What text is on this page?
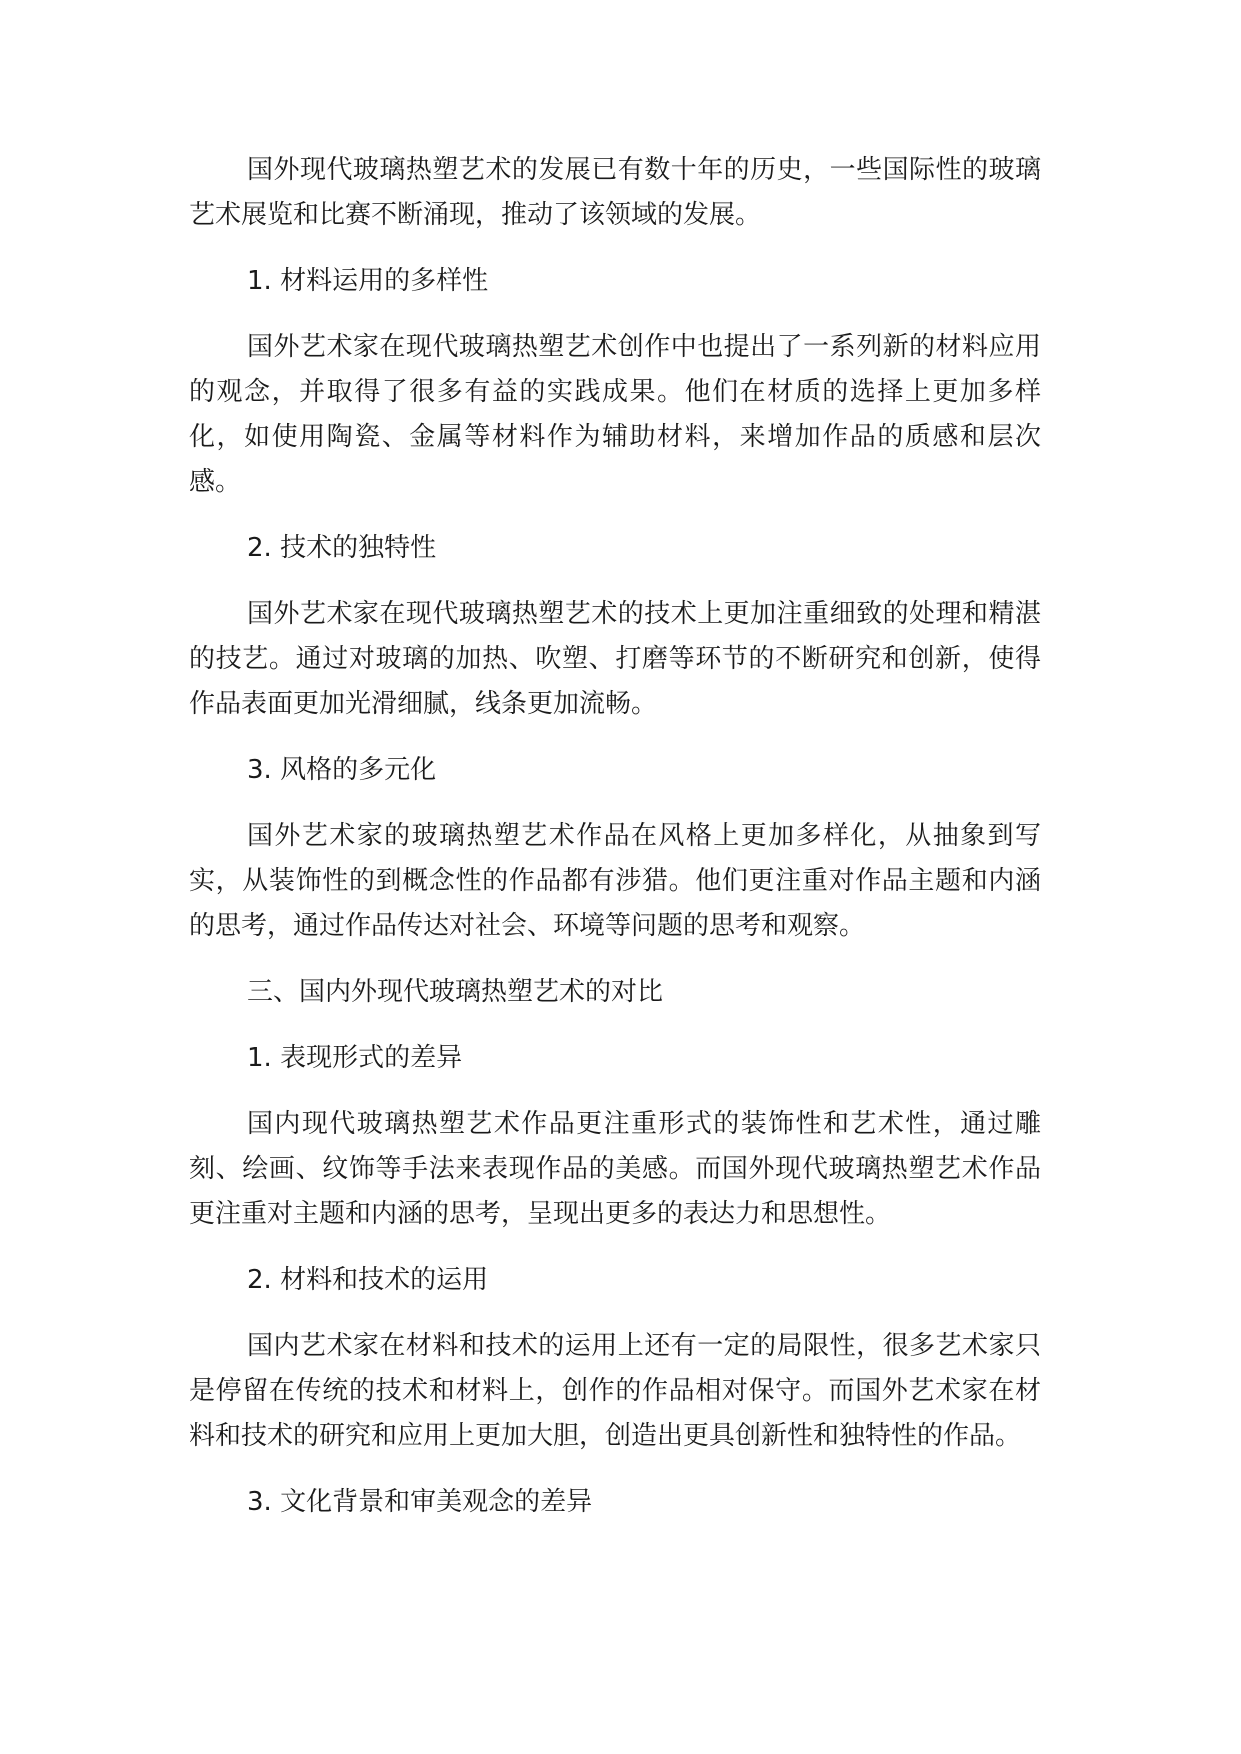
国外现代玻璃热塑艺术的发展已有数十年的历史，一些国际性的玻璃艺术展览和比赛不断涌现，推动了该领域的发展。

1. 材料运用的多样性

国外艺术家在现代玻璃热塑艺术创作中也提出了一系列新的材料应用的观念，并取得了很多有益的实践成果。他们在材质的选择上更加多样化，如使用陶瓷、金属等材料作为辅助材料，来增加作品的质感和层次感。

2. 技术的独特性

国外艺术家在现代玻璃热塑艺术的技术上更加注重细致的处理和精湛的技艺。通过对玻璃的加热、吹塑、打磨等环节的不断研究和创新，使得作品表面更加光滑细腻，线条更加流畅。

3. 风格的多元化

国外艺术家的玻璃热塑艺术作品在风格上更加多样化，从抽象到写实，从装饰性的到概念性的作品都有涉猎。他们更注重对作品主题和内涵的思考，通过作品传达对社会、环境等问题的思考和观察。

三、国内外现代玻璃热塑艺术的对比

1. 表现形式的差异

国内现代玻璃热塑艺术作品更注重形式的装饰性和艺术性，通过雕刻、绘画、纹饰等手法来表现作品的美感。而国外现代玻璃热塑艺术作品更注重对主题和内涵的思考，呈现出更多的表达力和思想性。

2. 材料和技术的运用

国内艺术家在材料和技术的运用上还有一定的局限性，很多艺术家只是停留在传统的技术和材料上，创作的作品相对保守。而国外艺术家在材料和技术的研究和应用上更加大胆，创造出更具创新性和独特性的作品。

3. 文化背景和审美观念的差异
